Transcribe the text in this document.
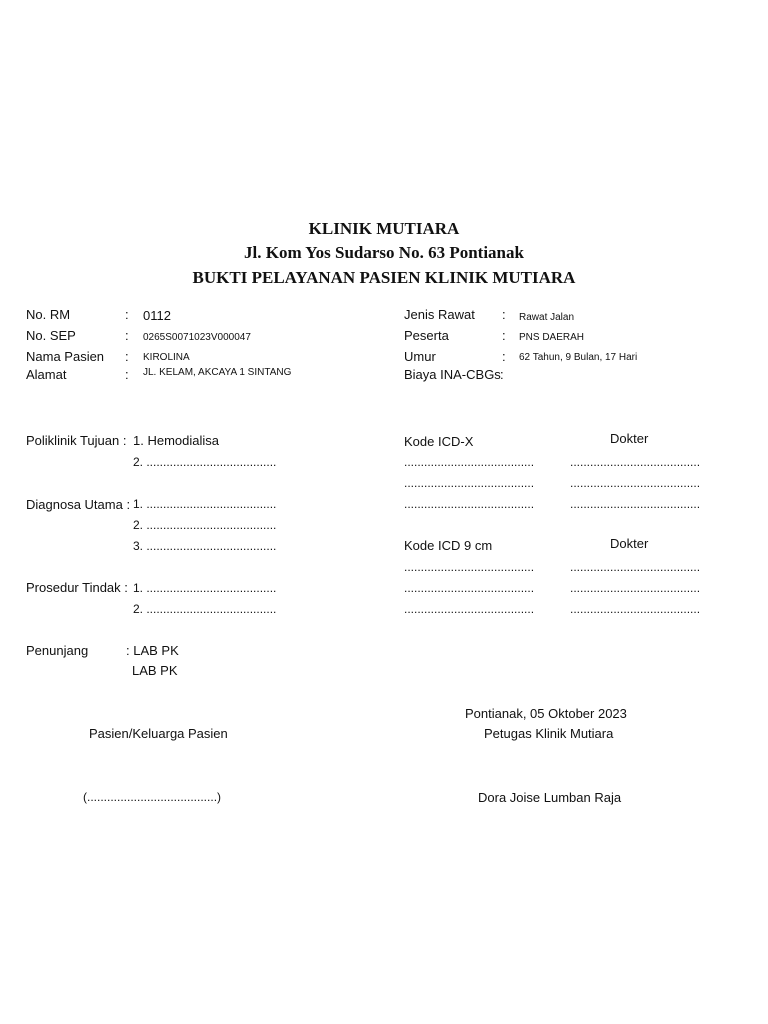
KLINIK MUTIARA
Jl. Kom Yos Sudarso No. 63 Pontianak
BUKTI PELAYANAN PASIEN KLINIK MUTIARA
No. RM	: 0112
No. SEP	: 0265S0071023V000047
Nama Pasien : KIROLINA
Alamat	: JL. KELAM, AKCAYA 1 SINTANG
Jenis Rawat : Rawat Jalan
Peserta	: PNS DAERAH
Umur	: 62 Tahun, 9 Bulan, 17 Hari
Biaya INA-CBGs :
Poliklinik Tujuan : 1. Hemodialisa
2. .......................................
Diagnosa Utama : 1. .......................................
2. .......................................
3. .......................................
Prosedur Tindak : 1. .......................................
2. .......................................
Penunjang	: LAB PK
LAB PK
Kode ICD-X	Dokter
.......................................	.......................................
.......................................	.......................................
.......................................	.......................................
Kode ICD 9 cm	Dokter
.......................................	.......................................
.......................................	.......................................
.......................................	.......................................
Pontianak, 05 Oktober 2023
Pasien/Keluarga Pasien	Petugas Klinik Mutiara
(.......................................)	Dora Joise Lumban Raja
